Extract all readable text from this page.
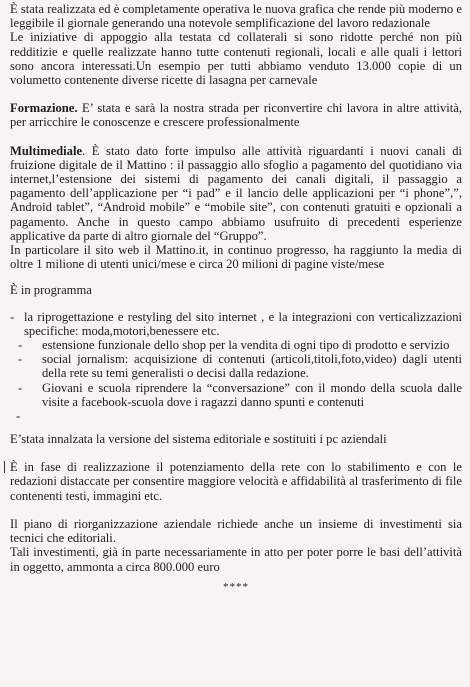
È stata realizzata ed è completamente operativa le nuova grafica che rende più moderno e leggibile il giornale generando una notevole semplificazione del lavoro redazionale
Le iniziative di appoggio alla testata cd collaterali si sono ridotte perché non più redditizie e quelle realizzate hanno tutte contenuti regionali, locali e alle quali i lettori sono ancora interessati.Un esempio per tutti abbiamo venduto 13.000 copie di un volumetto contenente diverse ricette di lasagna per carnevale

Formazione. E’ stata e sarà la nostra strada per riconvertire chi lavora in altre attività, per arricchire le conoscenze e crescere professionalmente

Multimediale. È stato dato forte impulso alle attività riguardanti i nuovi canali di fruizione digitale de il Mattino : il passaggio allo sfoglio a pagamento del quotidiano via internet,l’estensione dei sistemi di pagamento dei canali digitali, il passaggio a pagamento dell’applicazione per “i pad” e il lancio delle applicazioni per “i phone”,”, Android tablet”, “Android mobile” e “mobile site”, con contenuti gratuiti e opzionali a pagamento. Anche in questo campo abbiamo usufruito di precedenti esperienze applicative da parte di altro giornale del “Gruppo”.
In particolare il sito web il Mattino.it, in continuo progresso, ha raggiunto la media di oltre 1 milione di utenti unici/mese e circa 20 milioni di pagine viste/mese

È in programma

- la riprogettazione e restyling del sito internet , e la integrazioni con verticalizzazioni specifiche: moda,motori,benessere etc.
- estensione funzionale dello shop per la vendita di ogni tipo di prodotto e servizio
- social jornalism: acquisizione di contenuti (articoli,titoli,foto,video) dagli utenti della rete su temi generalisti o decisi dalla redazione.
- Giovani e scuola riprendere la “conversazione” con il mondo della scuola dalle visite a facebook-scuola dove i ragazzi danno spunti e contenuti
-

E’stata innalzata la versione del sistema editoriale e sostituiti i pc aziendali

È in fase di realizzazione il potenziamento della rete con lo stabilimento e con le redazioni distaccate per consentire maggiore velocità e affidabilità al trasferimento di file contenenti testi, immagini etc.

Il piano di riorganizzazione aziendale richiede anche un insieme di investimenti sia tecnici che editoriali.
Tali investimenti, già in parte necessariamente in atto per poter porre le basi dell’attività in oggetto, ammonta a circa 800.000 euro

****
